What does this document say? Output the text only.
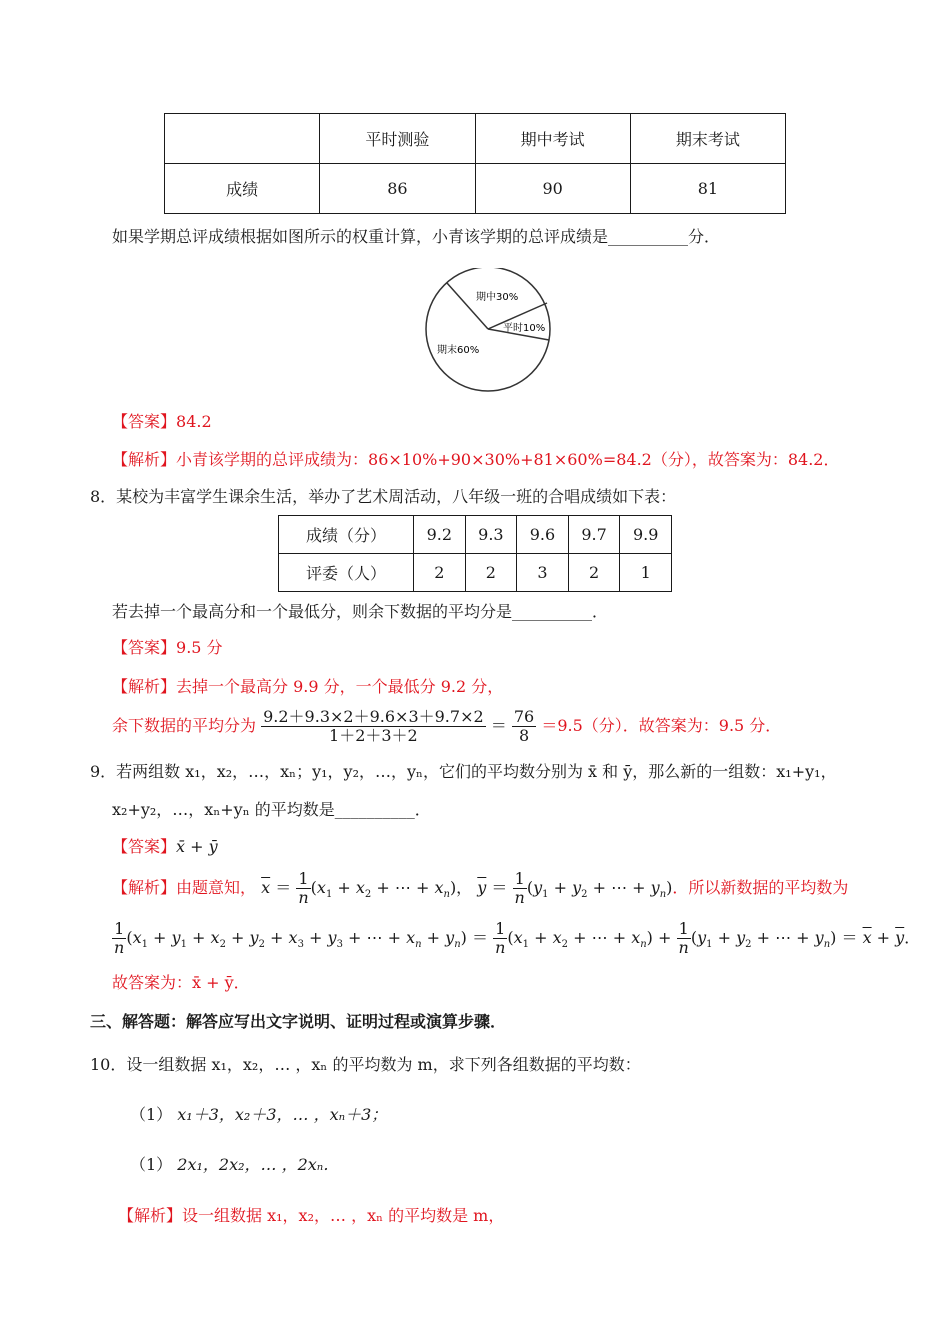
	平时测验	期中考试	期末考试
成绩	86	90	81
如果学期总评成绩根据如图所示的权重计算，小青该学期的总评成绩是__________分．
期中30%
平时10%
期末60%
【答案】84.2
【解析】小青该学期的总评成绩为：86×10%+90×30%+81×60%=84.2（分），故答案为：84.2．
8．某校为丰富学生课余生活，举办了艺术周活动，八年级一班的合唱成绩如下表：
成绩（分）	9.2	9.3	9.6	9.7	9.9
评委（人）	2	2	3	2	1
若去掉一个最高分和一个最低分，则余下数据的平均分是__________．
【答案】9.5 分
【解析】去掉一个最高分 9.9 分，一个最低分 9.2 分，
余下数据的平均分为 $\frac{9.2+9.3\times 2+9.6\times 3+9.7\times 2}{1+2+3+2} = \frac{76}{8} =9.5$（分）．故答案为：9.5 分．
9．若两组数 x₁，x₂，…，xₙ；y₁，y₂，…，yₙ，它们的平均数分别为 x̄ 和 ȳ，那么新的一组数：x₁+y₁，
x₂+y₂，…，xₙ+yₙ 的平均数是__________．
【答案】x̄ + ȳ
【解析】由题意知， $\overline{x} = \frac{1}{n} (x_1 + x_2$ + ⋯ + $x_n$)， $\overline{y} = \frac{1}{n} (y_1 + y_2$ + ⋯ + $y_n$)．所以新数据的平均数为
$\frac{1}{n} (x_1 + y_1 + x_2 + y_2 + x_3 + y_3$ + ⋯ + $x_n + y_n) = \frac{1}{n} (x_1 + x_2$ + ⋯ + $x_n) + \frac{1}{n} (y_1 + y_2$ + ⋯ + $y_n) = \overline{x} + \overline{y}$．
故答案为：x̄ + ȳ．
三、解答题：解答应写出文字说明、证明过程或演算步骤．
10．设一组数据 x₁，x₂，… ，xₙ 的平均数为 m，求下列各组数据的平均数：
（1） x₁＋3，x₂＋3，… ，xₙ＋3；
（1） 2x₁，2x₂，… ，2xₙ．
【解析】设一组数据 x₁，x₂，… ，xₙ 的平均数是 m，
